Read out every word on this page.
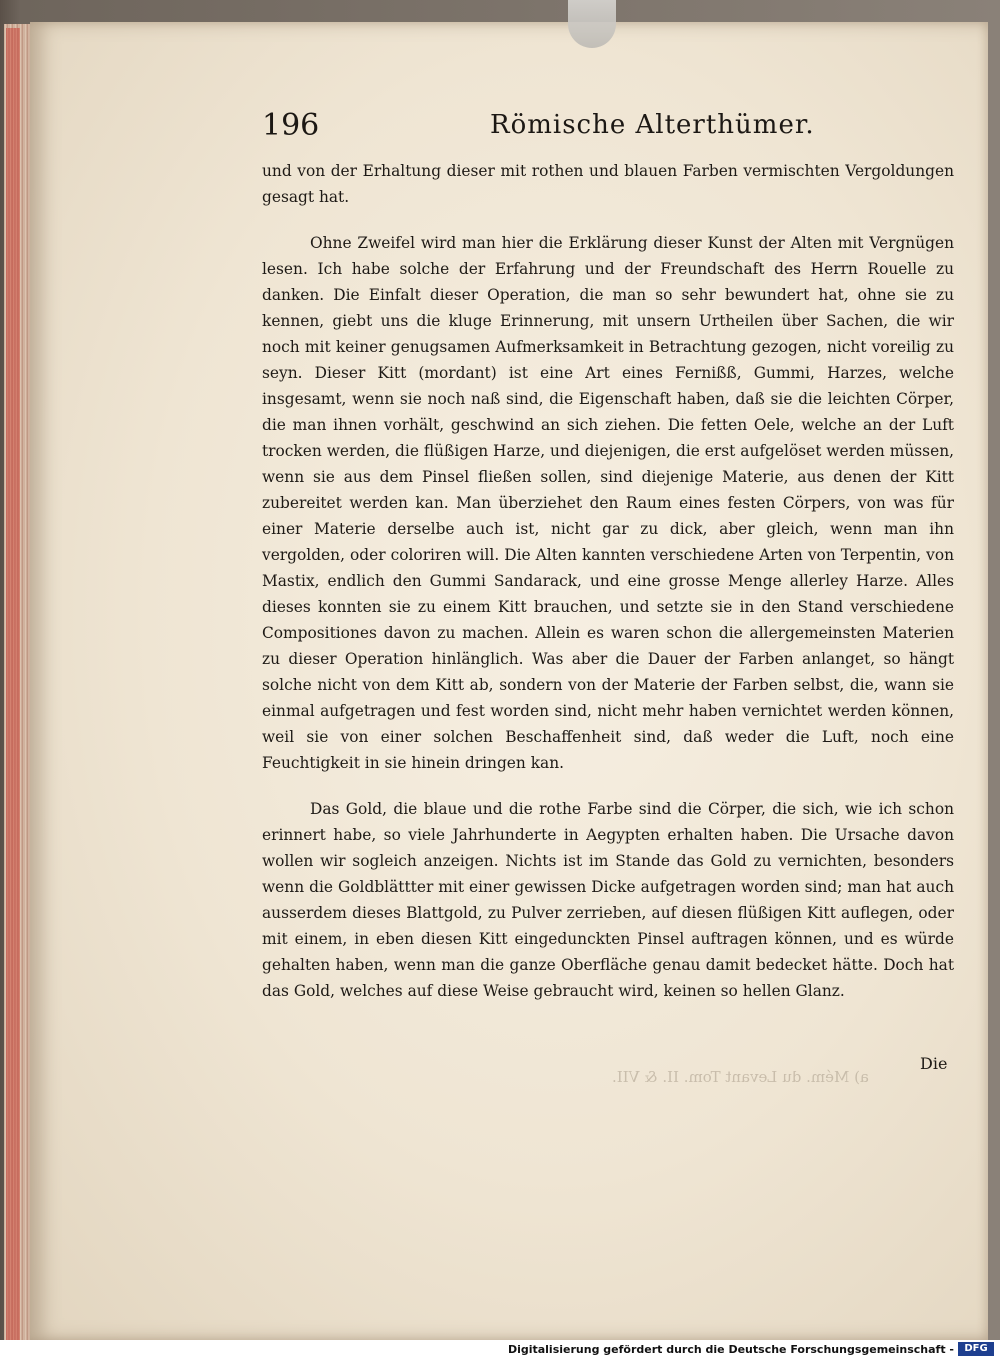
196	Römische Alterthümer.

und von der Erhaltung dieser mit rothen und blauen Farben vermischten Vergoldungen gesagt hat.

Ohne Zweifel wird man hier die Erklärung dieser Kunst der Alten mit Vergnügen lesen. Ich habe solche der Erfahrung und der Freundschaft des Herrn Rouelle zu danken. Die Einfalt dieser Operation, die man so sehr bewundert hat, ohne sie zu kennen, giebt uns die kluge Erinnerung, mit unsern Urtheilen über Sachen, die wir noch mit keiner genugsamen Aufmerksamkeit in Betrachtung gezogen, nicht voreilig zu seyn. Dieser Kitt (mordant) ist eine Art eines Fernißß, Gummi, Harzes, welche insgesamt, wenn sie noch naß sind, die Eigenschaft haben, daß sie die leichten Cörper, die man ihnen vorhält, geschwind an sich ziehen. Die fetten Oele, welche an der Luft trocken werden, die flüßigen Harze, und diejenigen, die erst aufgelöset werden müssen, wenn sie aus dem Pinsel fließen sollen, sind diejenige Materie, aus denen der Kitt zubereitet werden kan. Man überziehet den Raum eines festen Cörpers, von was für einer Materie derselbe auch ist, nicht gar zu dick, aber gleich, wenn man ihn vergolden, oder coloriren will. Die Alten kannten verschiedene Arten von Terpentin, von Mastix, endlich den Gummi Sandarack, und eine grosse Menge allerley Harze. Alles dieses konnten sie zu einem Kitt brauchen, und setzte sie in den Stand verschiedene Compositiones davon zu machen. Allein es waren schon die allergemeinsten Materien zu dieser Operation hinlänglich. Was aber die Dauer der Farben anlanget, so hängt solche nicht von dem Kitt ab, sondern von der Materie der Farben selbst, die, wann sie einmal aufgetragen und fest worden sind, nicht mehr haben vernichtet werden können, weil sie von einer solchen Beschaffenheit sind, daß weder die Luft, noch eine Feuchtigkeit in sie hinein dringen kan.

Das Gold, die blaue und die rothe Farbe sind die Cörper, die sich, wie ich schon erinnert habe, so viele Jahrhunderte in Aegypten erhalten haben. Die Ursache davon wollen wir sogleich anzeigen. Nichts ist im Stande das Gold zu vernichten, besonders wenn die Goldblättter mit einer gewissen Dicke aufgetragen worden sind; man hat auch ausserdem dieses Blattgold, zu Pulver zerrieben, auf diesen flüßigen Kitt auflegen, oder mit einem, in eben diesen Kitt eingedunckten Pinsel auftragen können, und es würde gehalten haben, wenn man die ganze Oberfläche genau damit bedecket hätte. Doch hat das Gold, welches auf diese Weise gebraucht wird, keinen so hellen Glanz.

a) Mém. du Levant Tom. II. & VII.
Die
Digitalisierung gefördert durch die Deutsche Forschungsgemeinschaft -	DFG
